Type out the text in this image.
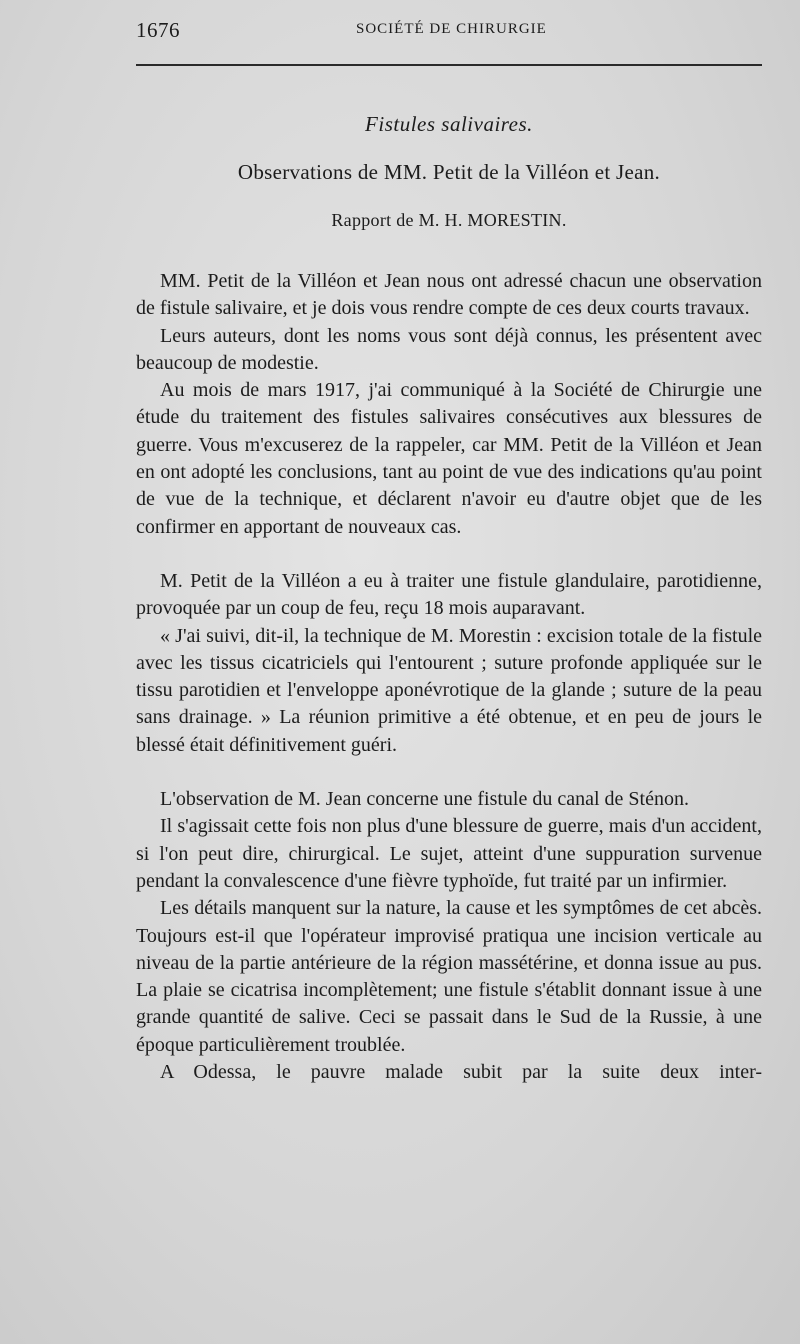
1676	SOCIÉTÉ DE CHIRURGIE
Fistules salivaires.
Observations de MM. Petit de la Villéon et Jean.
Rapport de M. H. MORESTIN.

MM. Petit de la Villéon et Jean nous ont adressé chacun une observation de fistule salivaire, et je dois vous rendre compte de ces deux courts travaux.

Leurs auteurs, dont les noms vous sont déjà connus, les présentent avec beaucoup de modestie.

Au mois de mars 1917, j'ai communiqué à la Société de Chirurgie une étude du traitement des fistules salivaires consécutives aux blessures de guerre. Vous m'excuserez de la rappeler, car MM. Petit de la Villéon et Jean en ont adopté les conclusions, tant au point de vue des indications qu'au point de vue de la technique, et déclarent n'avoir eu d'autre objet que de les confirmer en apportant de nouveaux cas.

M. Petit de la Villéon a eu à traiter une fistule glandulaire, parotidienne, provoquée par un coup de feu, reçu 18 mois auparavant.

« J'ai suivi, dit-il, la technique de M. Morestin : excision totale de la fistule avec les tissus cicatriciels qui l'entourent ; suture profonde appliquée sur le tissu parotidien et l'enveloppe aponévrotique de la glande ; suture de la peau sans drainage. » La réunion primitive a été obtenue, et en peu de jours le blessé était définitivement guéri.

L'observation de M. Jean concerne une fistule du canal de Sténon.

Il s'agissait cette fois non plus d'une blessure de guerre, mais d'un accident, si l'on peut dire, chirurgical. Le sujet, atteint d'une suppuration survenue pendant la convalescence d'une fièvre typhoïde, fut traité par un infirmier.

Les détails manquent sur la nature, la cause et les symptômes de cet abcès. Toujours est-il que l'opérateur improvisé pratiqua une incision verticale au niveau de la partie antérieure de la région massétérine, et donna issue au pus. La plaie se cicatrisa incomplètement; une fistule s'établit donnant issue à une grande quantité de salive. Ceci se passait dans le Sud de la Russie, à une époque particulièrement troublée.

A Odessa, le pauvre malade subit par la suite deux inter-
